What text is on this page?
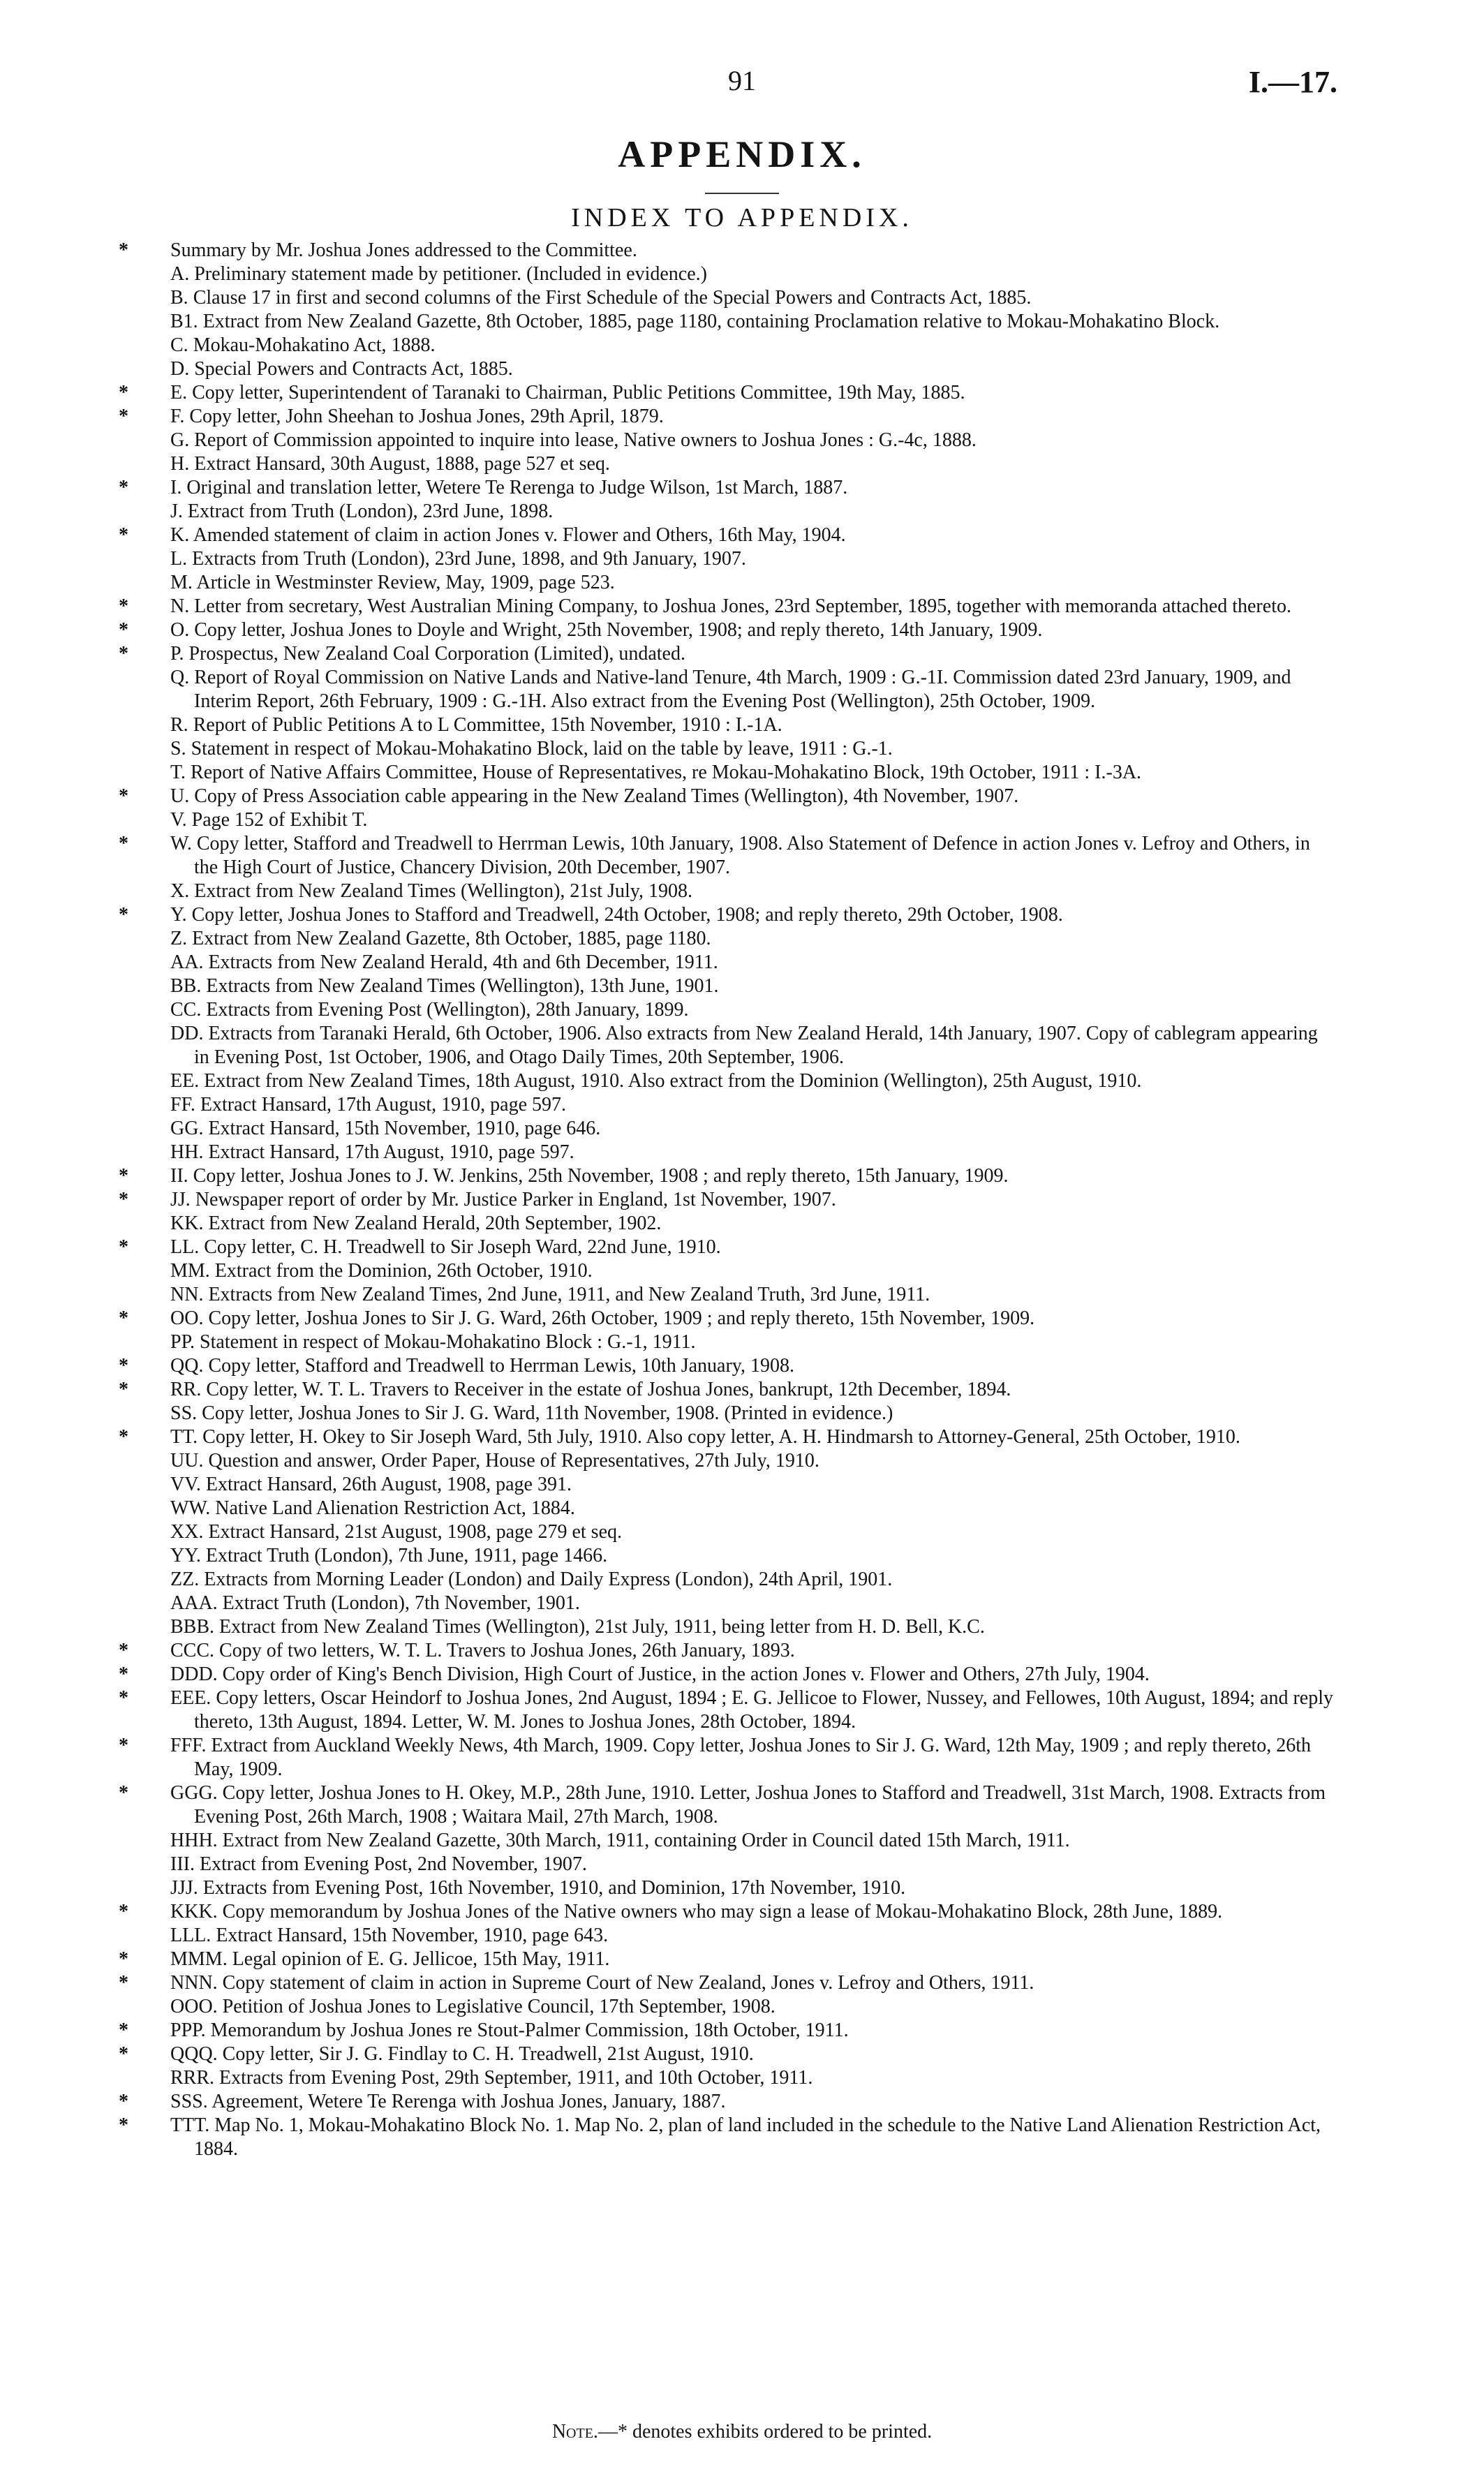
91	I.—17.
APPENDIX.
INDEX TO APPENDIX.
* Summary by Mr. Joshua Jones addressed to the Committee.
A. Preliminary statement made by petitioner. (Included in evidence.)
B. Clause 17 in first and second columns of the First Schedule of the Special Powers and Contracts Act, 1885.
B1. Extract from New Zealand Gazette, 8th October, 1885, page 1180, containing Proclamation relative to Mokau-Mohakatino Block.
C. Mokau-Mohakatino Act, 1888.
D. Special Powers and Contracts Act, 1885.
* E. Copy letter, Superintendent of Taranaki to Chairman, Public Petitions Committee, 19th May, 1885.
* F. Copy letter, John Sheehan to Joshua Jones, 29th April, 1879.
G. Report of Commission appointed to inquire into lease, Native owners to Joshua Jones : G.-4c, 1888.
H. Extract Hansard, 30th August, 1888, page 527 et seq.
* I. Original and translation letter, Wetere Te Rerenga to Judge Wilson, 1st March, 1887.
J. Extract from Truth (London), 23rd June, 1898.
* K. Amended statement of claim in action Jones v. Flower and Others, 16th May, 1904.
L. Extracts from Truth (London), 23rd June, 1898, and 9th January, 1907.
M. Article in Westminster Review, May, 1909, page 523.
* N. Letter from secretary, West Australian Mining Company, to Joshua Jones, 23rd September, 1895, together with memoranda attached thereto.
* O. Copy letter, Joshua Jones to Doyle and Wright, 25th November, 1908; and reply thereto, 14th January, 1909.
* P. Prospectus, New Zealand Coal Corporation (Limited), undated.
Q. Report of Royal Commission on Native Lands and Native-land Tenure, 4th March, 1909 : G.-1I. Commission dated 23rd January, 1909, and Interim Report, 26th February, 1909 : G.-1H. Also extract from the Evening Post (Wellington), 25th October, 1909.
R. Report of Public Petitions A to L Committee, 15th November, 1910 : I.-1A.
S. Statement in respect of Mokau-Mohakatino Block, laid on the table by leave, 1911 : G.-1.
T. Report of Native Affairs Committee, House of Representatives, re Mokau-Mohakatino Block, 19th October, 1911 : I.-3A.
* U. Copy of Press Association cable appearing in the New Zealand Times (Wellington), 4th November, 1907.
V. Page 152 of Exhibit T.
* W. Copy letter, Stafford and Treadwell to Herrman Lewis, 10th January, 1908. Also Statement of Defence in action Jones v. Lefroy and Others, in the High Court of Justice, Chancery Division, 20th December, 1907.
X. Extract from New Zealand Times (Wellington), 21st July, 1908.
* Y. Copy letter, Joshua Jones to Stafford and Treadwell, 24th October, 1908; and reply thereto, 29th October, 1908.
Z. Extract from New Zealand Gazette, 8th October, 1885, page 1180.
AA. Extracts from New Zealand Herald, 4th and 6th December, 1911.
BB. Extracts from New Zealand Times (Wellington), 13th June, 1901.
CC. Extracts from Evening Post (Wellington), 28th January, 1899.
DD. Extracts from Taranaki Herald, 6th October, 1906. Also extracts from New Zealand Herald, 14th January, 1907. Copy of cablegram appearing in Evening Post, 1st October, 1906, and Otago Daily Times, 20th September, 1906.
EE. Extract from New Zealand Times, 18th August, 1910. Also extract from the Dominion (Wellington), 25th August, 1910.
FF. Extract Hansard, 17th August, 1910, page 597.
GG. Extract Hansard, 15th November, 1910, page 646.
HH. Extract Hansard, 17th August, 1910, page 597.
* II. Copy letter, Joshua Jones to J. W. Jenkins, 25th November, 1908 ; and reply thereto, 15th January, 1909.
* JJ. Newspaper report of order by Mr. Justice Parker in England, 1st November, 1907.
KK. Extract from New Zealand Herald, 20th September, 1902.
* LL. Copy letter, C. H. Treadwell to Sir Joseph Ward, 22nd June, 1910.
MM. Extract from the Dominion, 26th October, 1910.
NN. Extracts from New Zealand Times, 2nd June, 1911, and New Zealand Truth, 3rd June, 1911.
* OO. Copy letter, Joshua Jones to Sir J. G. Ward, 26th October, 1909 ; and reply thereto, 15th November, 1909.
PP. Statement in respect of Mokau-Mohakatino Block : G.-1, 1911.
* QQ. Copy letter, Stafford and Treadwell to Herrman Lewis, 10th January, 1908.
* RR. Copy letter, W. T. L. Travers to Receiver in the estate of Joshua Jones, bankrupt, 12th December, 1894.
SS. Copy letter, Joshua Jones to Sir J. G. Ward, 11th November, 1908. (Printed in evidence.)
* TT. Copy letter, H. Okey to Sir Joseph Ward, 5th July, 1910. Also copy letter, A. H. Hindmarsh to Attorney-General, 25th October, 1910.
UU. Question and answer, Order Paper, House of Representatives, 27th July, 1910.
VV. Extract Hansard, 26th August, 1908, page 391.
WW. Native Land Alienation Restriction Act, 1884.
XX. Extract Hansard, 21st August, 1908, page 279 et seq.
YY. Extract Truth (London), 7th June, 1911, page 1466.
ZZ. Extracts from Morning Leader (London) and Daily Express (London), 24th April, 1901.
AAA. Extract Truth (London), 7th November, 1901.
BBB. Extract from New Zealand Times (Wellington), 21st July, 1911, being letter from H. D. Bell, K.C.
* CCC. Copy of two letters, W. T. L. Travers to Joshua Jones, 26th January, 1893.
* DDD. Copy order of King's Bench Division, High Court of Justice, in the action Jones v. Flower and Others, 27th July, 1904.
* EEE. Copy letters, Oscar Heindorf to Joshua Jones, 2nd August, 1894 ; E. G. Jellicoe to Flower, Nussey, and Fellowes, 10th August, 1894; and reply thereto, 13th August, 1894. Letter, W. M. Jones to Joshua Jones, 28th October, 1894.
* FFF. Extract from Auckland Weekly News, 4th March, 1909. Copy letter, Joshua Jones to Sir J. G. Ward, 12th May, 1909 ; and reply thereto, 26th May, 1909.
* GGG. Copy letter, Joshua Jones to H. Okey, M.P., 28th June, 1910. Letter, Joshua Jones to Stafford and Treadwell, 31st March, 1908. Extracts from Evening Post, 26th March, 1908 ; Waitara Mail, 27th March, 1908.
HHH. Extract from New Zealand Gazette, 30th March, 1911, containing Order in Council dated 15th March, 1911.
III. Extract from Evening Post, 2nd November, 1907.
JJJ. Extracts from Evening Post, 16th November, 1910, and Dominion, 17th November, 1910.
* KKK. Copy memorandum by Joshua Jones of the Native owners who may sign a lease of Mokau-Mohakatino Block, 28th June, 1889.
LLL. Extract Hansard, 15th November, 1910, page 643.
* MMM. Legal opinion of E. G. Jellicoe, 15th May, 1911.
* NNN. Copy statement of claim in action in Supreme Court of New Zealand, Jones v. Lefroy and Others, 1911.
OOO. Petition of Joshua Jones to Legislative Council, 17th September, 1908.
* PPP. Memorandum by Joshua Jones re Stout-Palmer Commission, 18th October, 1911.
* QQQ. Copy letter, Sir J. G. Findlay to C. H. Treadwell, 21st August, 1910.
RRR. Extracts from Evening Post, 29th September, 1911, and 10th October, 1911.
* SSS. Agreement, Wetere Te Rerenga with Joshua Jones, January, 1887.
* TTT. Map No. 1, Mokau-Mohakatino Block No. 1. Map No. 2, plan of land included in the schedule to the Native Land Alienation Restriction Act, 1884.
Note.—* denotes exhibits ordered to be printed.
